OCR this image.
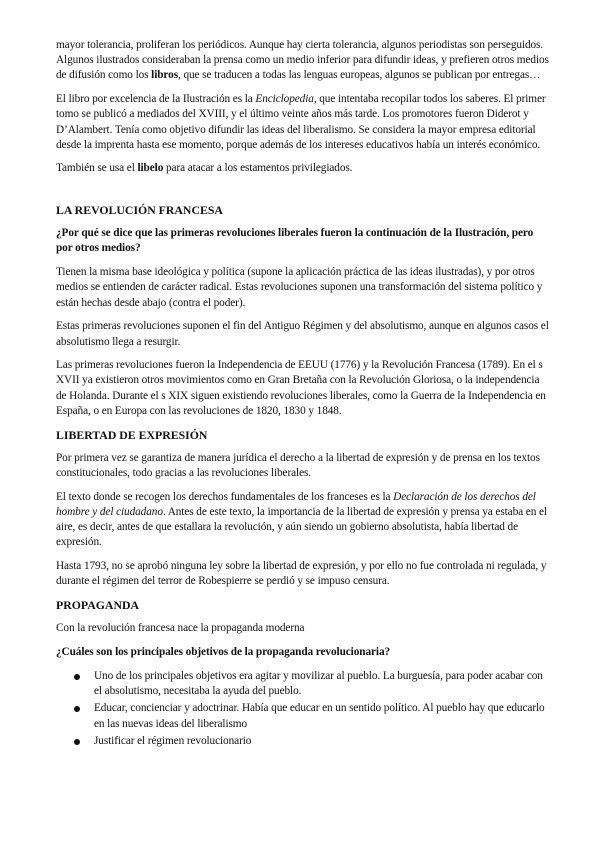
mayor tolerancia, proliferan los periódicos. Aunque hay cierta tolerancia, algunos periodistas son perseguidos. Algunos ilustrados consideraban la prensa como un medio inferior para difundir ideas, y prefieren otros medios de difusión como los libros, que se traducen a todas las lenguas europeas, algunos se publican por entregas…

El libro por excelencia de la Ilustración es la Enciclopedia, que intentaba recopilar todos los saberes. El primer tomo se publicó a mediados del XVIII, y el último veinte años más tarde. Los promotores fueron Diderot y D’Alambert. Tenía como objetivo difundir las ideas del liberalismo. Se considera la mayor empresa editorial desde la imprenta hasta ese momento, porque además de los intereses educativos había un interés económico.

También se usa el libelo para atacar a los estamentos privilegiados.

LA REVOLUCIÓN FRANCESA

¿Por qué se dice que las primeras revoluciones liberales fueron la continuación de la Ilustración, pero por otros medios?

Tienen la misma base ideológica y política (supone la aplicación práctica de las ideas ilustradas), y por otros medios se entienden de carácter radical. Estas revoluciones suponen una transformación del sistema político y están hechas desde abajo (contra el poder).

Estas primeras revoluciones suponen el fin del Antiguo Régimen y del absolutismo, aunque en algunos casos el absolutismo llega a resurgir.

Las primeras revoluciones fueron la Independencia de EEUU (1776) y la Revolución Francesa (1789). En el s XVII ya existieron otros movimientos como en Gran Bretaña con la Revolución Gloriosa, o la independencia de Holanda. Durante el s XIX siguen existiendo revoluciones liberales, como la Guerra de la Independencia en España, o en Europa con las revoluciones de 1820, 1830 y 1848.

LIBERTAD DE EXPRESIÓN

Por primera vez se garantiza de manera jurídica el derecho a la libertad de expresión y de prensa en los textos constitucionales, todo gracias a las revoluciones liberales.

El texto donde se recogen los derechos fundamentales de los franceses es la Declaración de los derechos del hombre y del ciudadano. Antes de este texto, la importancia de la libertad de expresión y prensa ya estaba en el aire, es decir, antes de que estallara la revolución, y aún siendo un gobierno absolutista, había libertad de expresión.

Hasta 1793, no se aprobó ninguna ley sobre la libertad de expresión, y por ello no fue controlada ni regulada, y durante el régimen del terror de Robespierre se perdió y se impuso censura.

PROPAGANDA

Con la revolución francesa nace la propaganda moderna

¿Cuáles son los principales objetivos de la propaganda revolucionaria?

Uno de los principales objetivos era agitar y movilizar al pueblo. La burguesía, para poder acabar con el absolutismo, necesitaba la ayuda del pueblo.
Educar, concienciar y adoctrinar. Había que educar en un sentido político. Al pueblo hay que educarlo en las nuevas ideas del liberalismo
Justificar el régimen revolucionario
